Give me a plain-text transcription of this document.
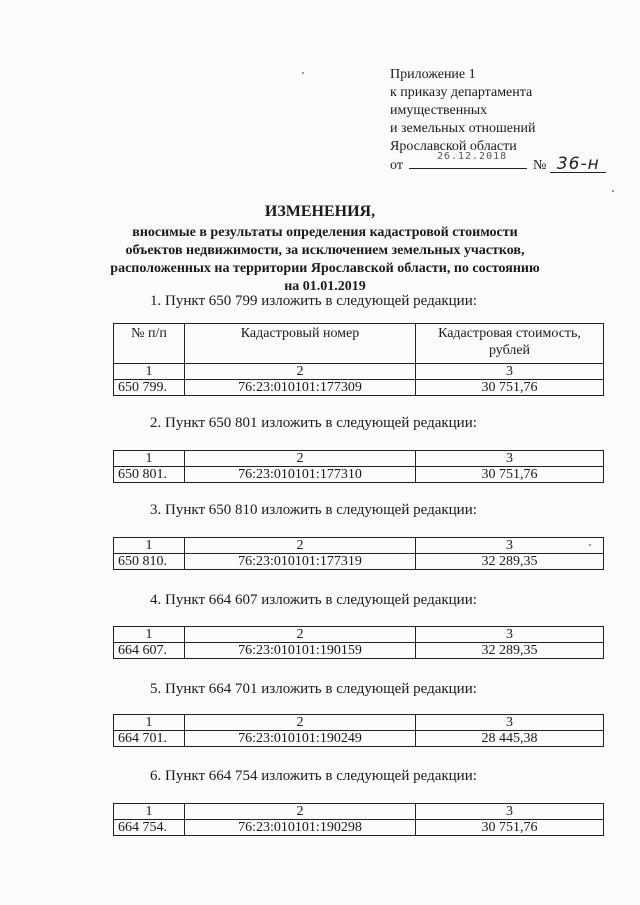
Приложение 1
к приказу департамента
имущественных
и земельных отношений
Ярославской области
от
26.12.2018
№ 36-н
ИЗМЕНЕНИЯ,
вносимые в результаты определения кадастровой стоимости объектов недвижимости, за исключением земельных участков, расположенных на территории Ярославской области, по состоянию на 01.01.2019
1. Пункт 650 799 изложить в следующей редакции:
№ п/п	Кадастровый номер	Кадастровая стоимость, рублей
1	2	3
650 799.	76:23:010101:177309	30 751,76
2. Пункт 650 801 изложить в следующей редакции:
1	2	3
650 801.	76:23:010101:177310	30 751,76
3. Пункт 650 810 изложить в следующей редакции:
1	2	3
650 810.	76:23:010101:177319	32 289,35
4. Пункт 664 607 изложить в следующей редакции:
1	2	3
664 607.	76:23:010101:190159	32 289,35
5. Пункт 664 701 изложить в следующей редакции:
1	2	3
664 701.	76:23:010101:190249	28 445,38
6. Пункт 664 754 изложить в следующей редакции:
1	2	3
664 754.	76:23:010101:190298	30 751,76
